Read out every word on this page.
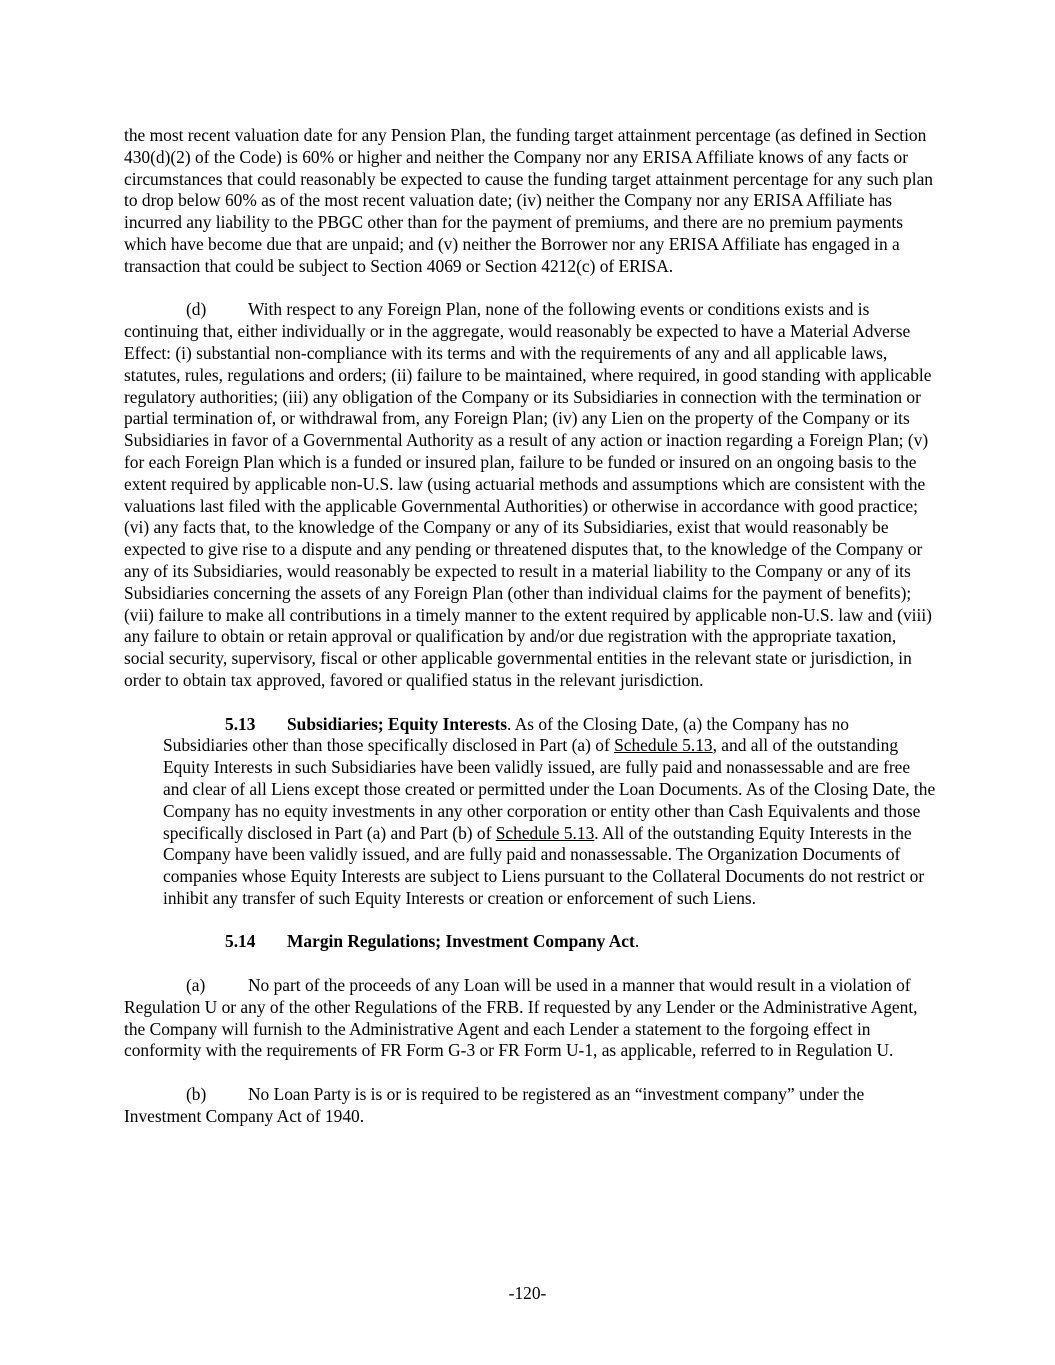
the most recent valuation date for any Pension Plan, the funding target attainment percentage (as defined in Section 430(d)(2) of the Code) is 60% or higher and neither the Company nor any ERISA Affiliate knows of any facts or circumstances that could reasonably be expected to cause the funding target attainment percentage for any such plan to drop below 60% as of the most recent valuation date; (iv) neither the Company nor any ERISA Affiliate has incurred any liability to the PBGC other than for the payment of premiums, and there are no premium payments which have become due that are unpaid; and (v) neither the Borrower nor any ERISA Affiliate has engaged in a transaction that could be subject to Section 4069 or Section 4212(c) of ERISA.

(d) With respect to any Foreign Plan, none of the following events or conditions exists and is continuing that, either individually or in the aggregate, would reasonably be expected to have a Material Adverse Effect: (i) substantial non-compliance with its terms and with the requirements of any and all applicable laws, statutes, rules, regulations and orders; (ii) failure to be maintained, where required, in good standing with applicable regulatory authorities; (iii) any obligation of the Company or its Subsidiaries in connection with the termination or partial termination of, or withdrawal from, any Foreign Plan; (iv) any Lien on the property of the Company or its Subsidiaries in favor of a Governmental Authority as a result of any action or inaction regarding a Foreign Plan; (v) for each Foreign Plan which is a funded or insured plan, failure to be funded or insured on an ongoing basis to the extent required by applicable non-U.S. law (using actuarial methods and assumptions which are consistent with the valuations last filed with the applicable Governmental Authorities) or otherwise in accordance with good practice; (vi) any facts that, to the knowledge of the Company or any of its Subsidiaries, exist that would reasonably be expected to give rise to a dispute and any pending or threatened disputes that, to the knowledge of the Company or any of its Subsidiaries, would reasonably be expected to result in a material liability to the Company or any of its Subsidiaries concerning the assets of any Foreign Plan (other than individual claims for the payment of benefits); (vii) failure to make all contributions in a timely manner to the extent required by applicable non-U.S. law and (viii) any failure to obtain or retain approval or qualification by and/or due registration with the appropriate taxation, social security, supervisory, fiscal or other applicable governmental entities in the relevant state or jurisdiction, in order to obtain tax approved, favored or qualified status in the relevant jurisdiction.

5.13 Subsidiaries; Equity Interests. As of the Closing Date, (a) the Company has no Subsidiaries other than those specifically disclosed in Part (a) of Schedule 5.13, and all of the outstanding Equity Interests in such Subsidiaries have been validly issued, are fully paid and nonassessable and are free and clear of all Liens except those created or permitted under the Loan Documents. As of the Closing Date, the Company has no equity investments in any other corporation or entity other than Cash Equivalents and those specifically disclosed in Part (a) and Part (b) of Schedule 5.13. All of the outstanding Equity Interests in the Company have been validly issued, and are fully paid and nonassessable. The Organization Documents of companies whose Equity Interests are subject to Liens pursuant to the Collateral Documents do not restrict or inhibit any transfer of such Equity Interests or creation or enforcement of such Liens.

5.14 Margin Regulations; Investment Company Act.

(a) No part of the proceeds of any Loan will be used in a manner that would result in a violation of Regulation U or any of the other Regulations of the FRB. If requested by any Lender or the Administrative Agent, the Company will furnish to the Administrative Agent and each Lender a statement to the forgoing effect in conformity with the requirements of FR Form G-3 or FR Form U-1, as applicable, referred to in Regulation U.

(b) No Loan Party is is or is required to be registered as an “investment company” under the Investment Company Act of 1940.

-120-
